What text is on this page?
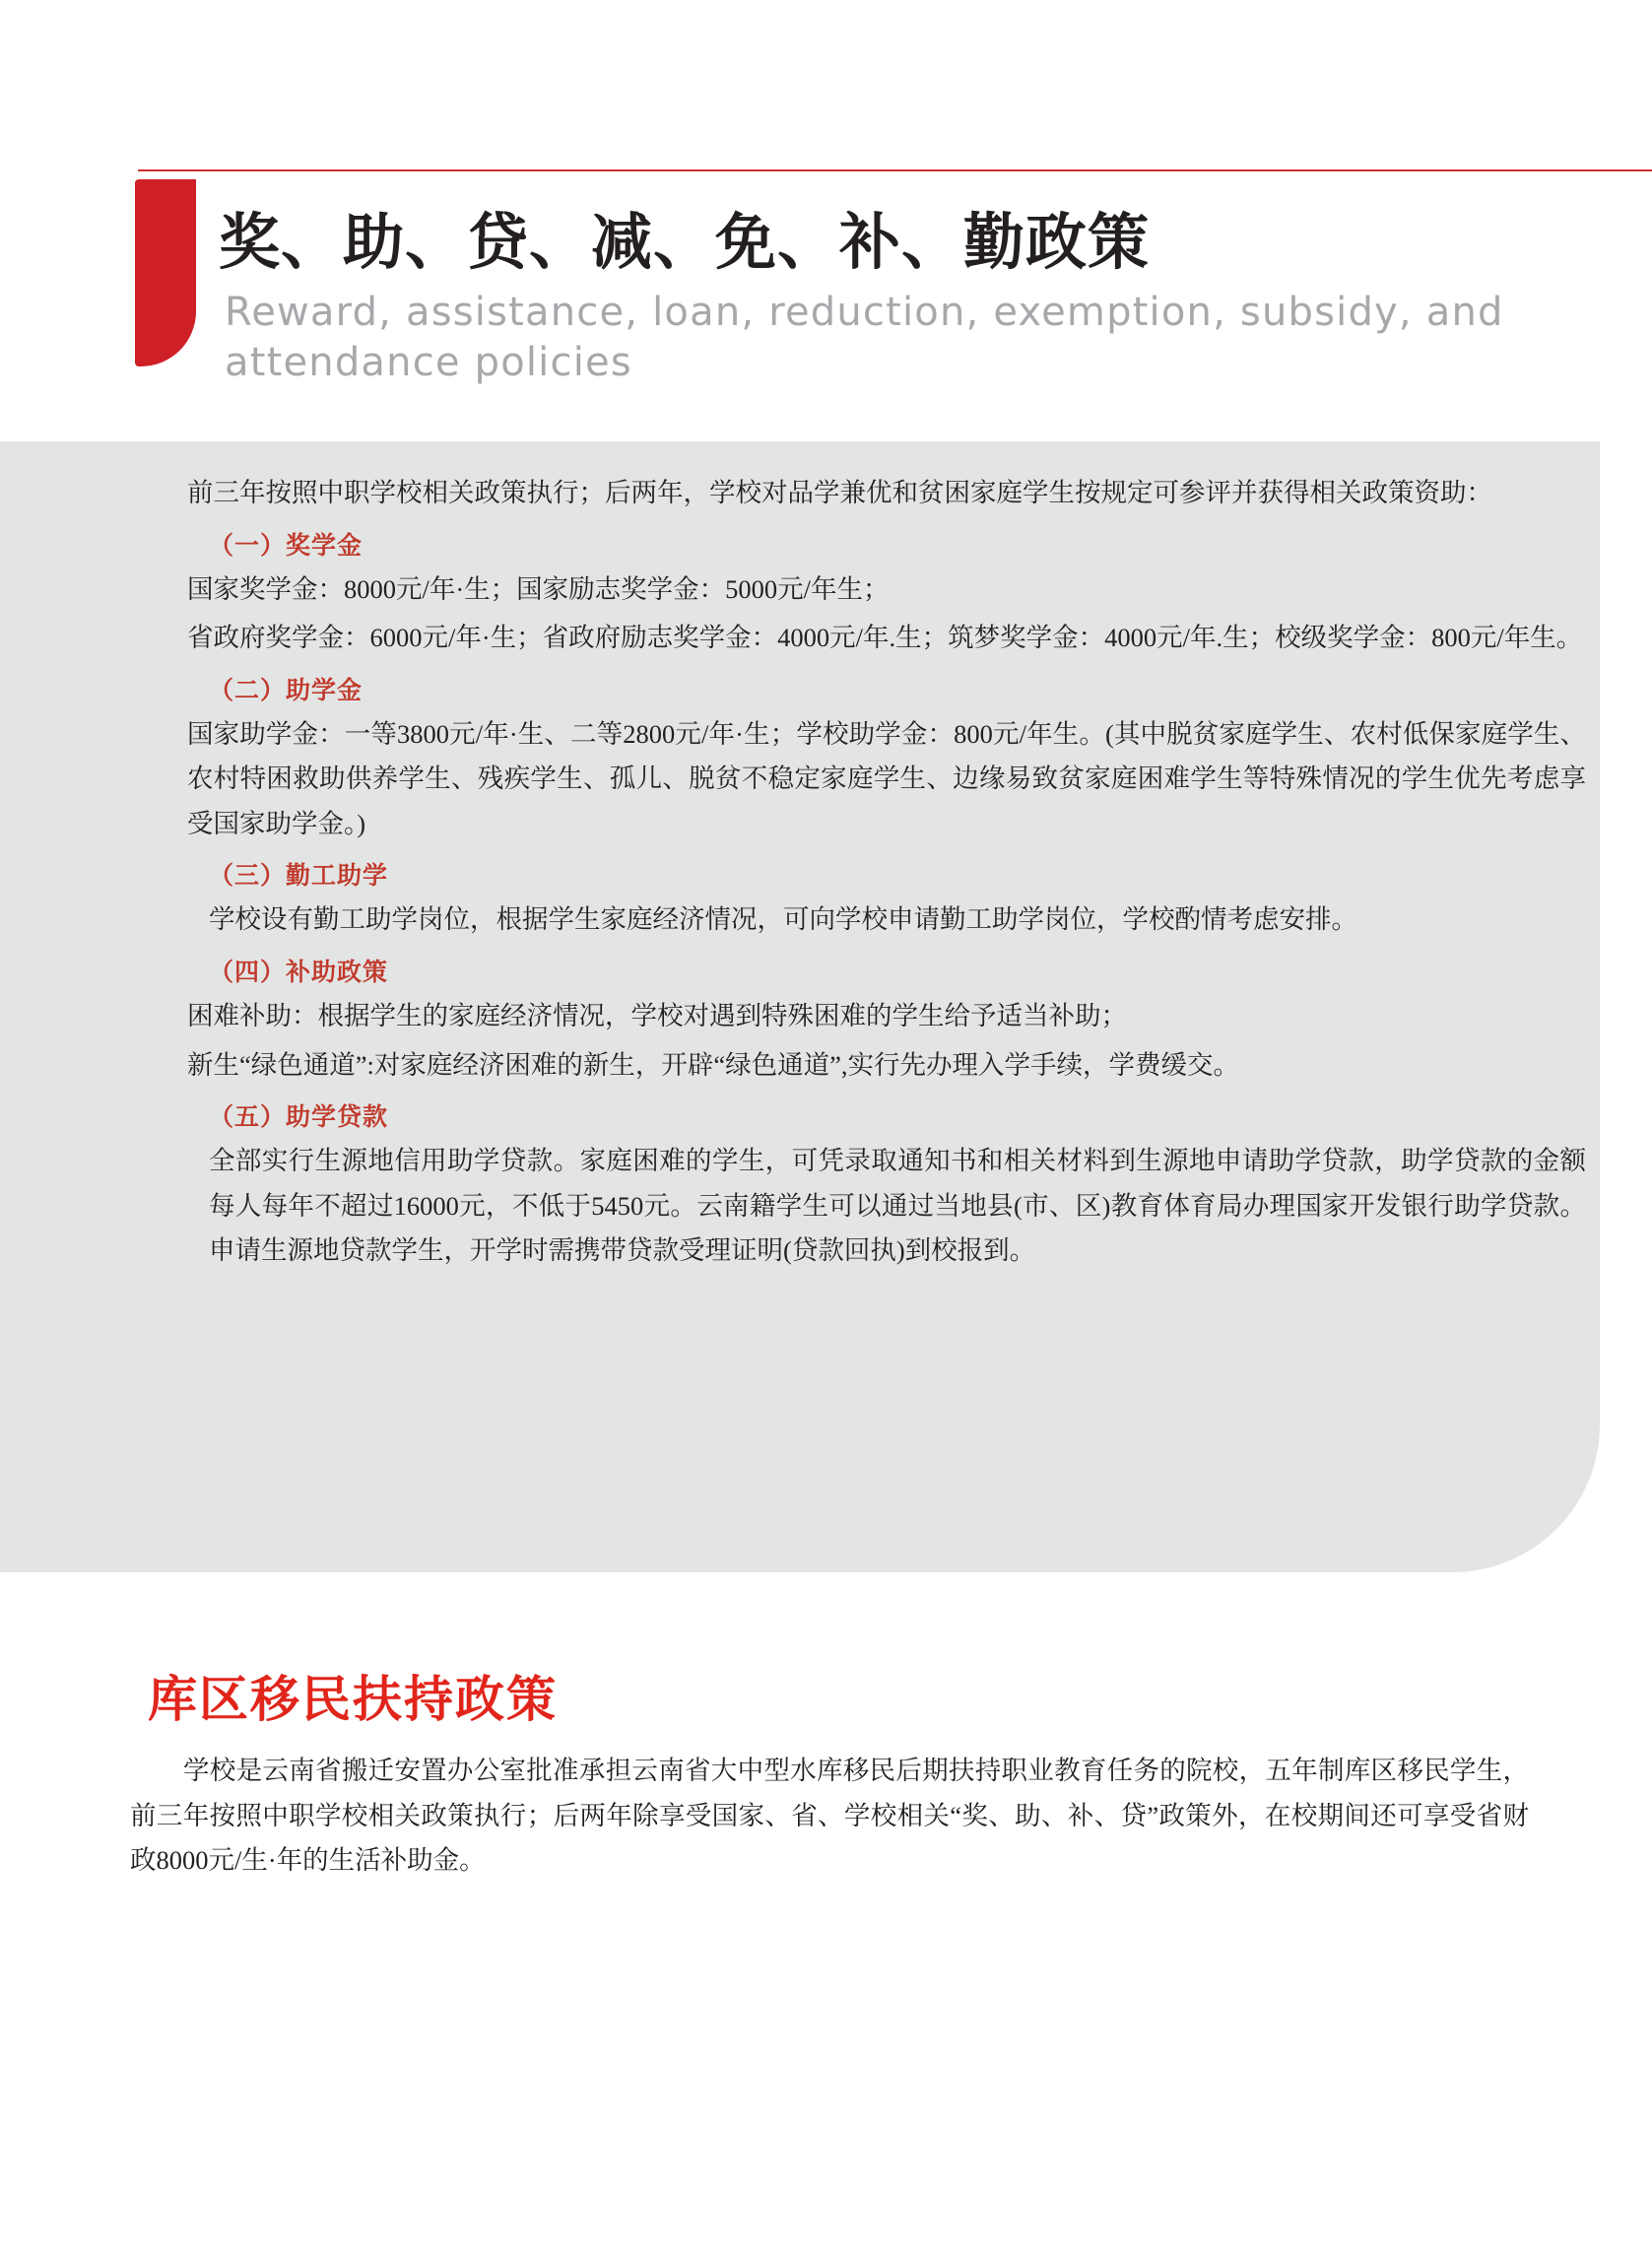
奖、助、贷、减、免、补、勤政策
Reward, assistance, loan, reduction, exemption, subsidy, and attendance policies

前三年按照中职学校相关政策执行；后两年，学校对品学兼优和贫困家庭学生按规定可参评并获得相关政策资助：

（一）奖学金

国家奖学金：8000元/年·生；国家励志奖学金：5000元/年生；

省政府奖学金：6000元/年·生；省政府励志奖学金：4000元/年.生；筑梦奖学金：4000元/年.生；校级奖学金：800元/年生。

（二）助学金

国家助学金：一等3800元/年·生、二等2800元/年·生；学校助学金：800元/年生。(其中脱贫家庭学生、农村低保家庭学生、农村特困救助供养学生、残疾学生、孤儿、脱贫不稳定家庭学生、边缘易致贫家庭困难学生等特殊情况的学生优先考虑享受国家助学金。)

（三）勤工助学

学校设有勤工助学岗位，根据学生家庭经济情况，可向学校申请勤工助学岗位，学校酌情考虑安排。

（四）补助政策

困难补助：根据学生的家庭经济情况，学校对遇到特殊困难的学生给予适当补助；

新生“绿色通道”:对家庭经济困难的新生，开辟“绿色通道”,实行先办理入学手续，学费缓交。

（五）助学贷款

全部实行生源地信用助学贷款。家庭困难的学生，可凭录取通知书和相关材料到生源地申请助学贷款，助学贷款的金额每人每年不超过16000元，不低于5450元。云南籍学生可以通过当地县(市、区)教育体育局办理国家开发银行助学贷款。申请生源地贷款学生，开学时需携带贷款受理证明(贷款回执)到校报到。

库区移民扶持政策

学校是云南省搬迁安置办公室批准承担云南省大中型水库移民后期扶持职业教育任务的院校，五年制库区移民学生，前三年按照中职学校相关政策执行；后两年除享受国家、省、学校相关“奖、助、补、贷”政策外，在校期间还可享受省财政8000元/生·年的生活补助金。
